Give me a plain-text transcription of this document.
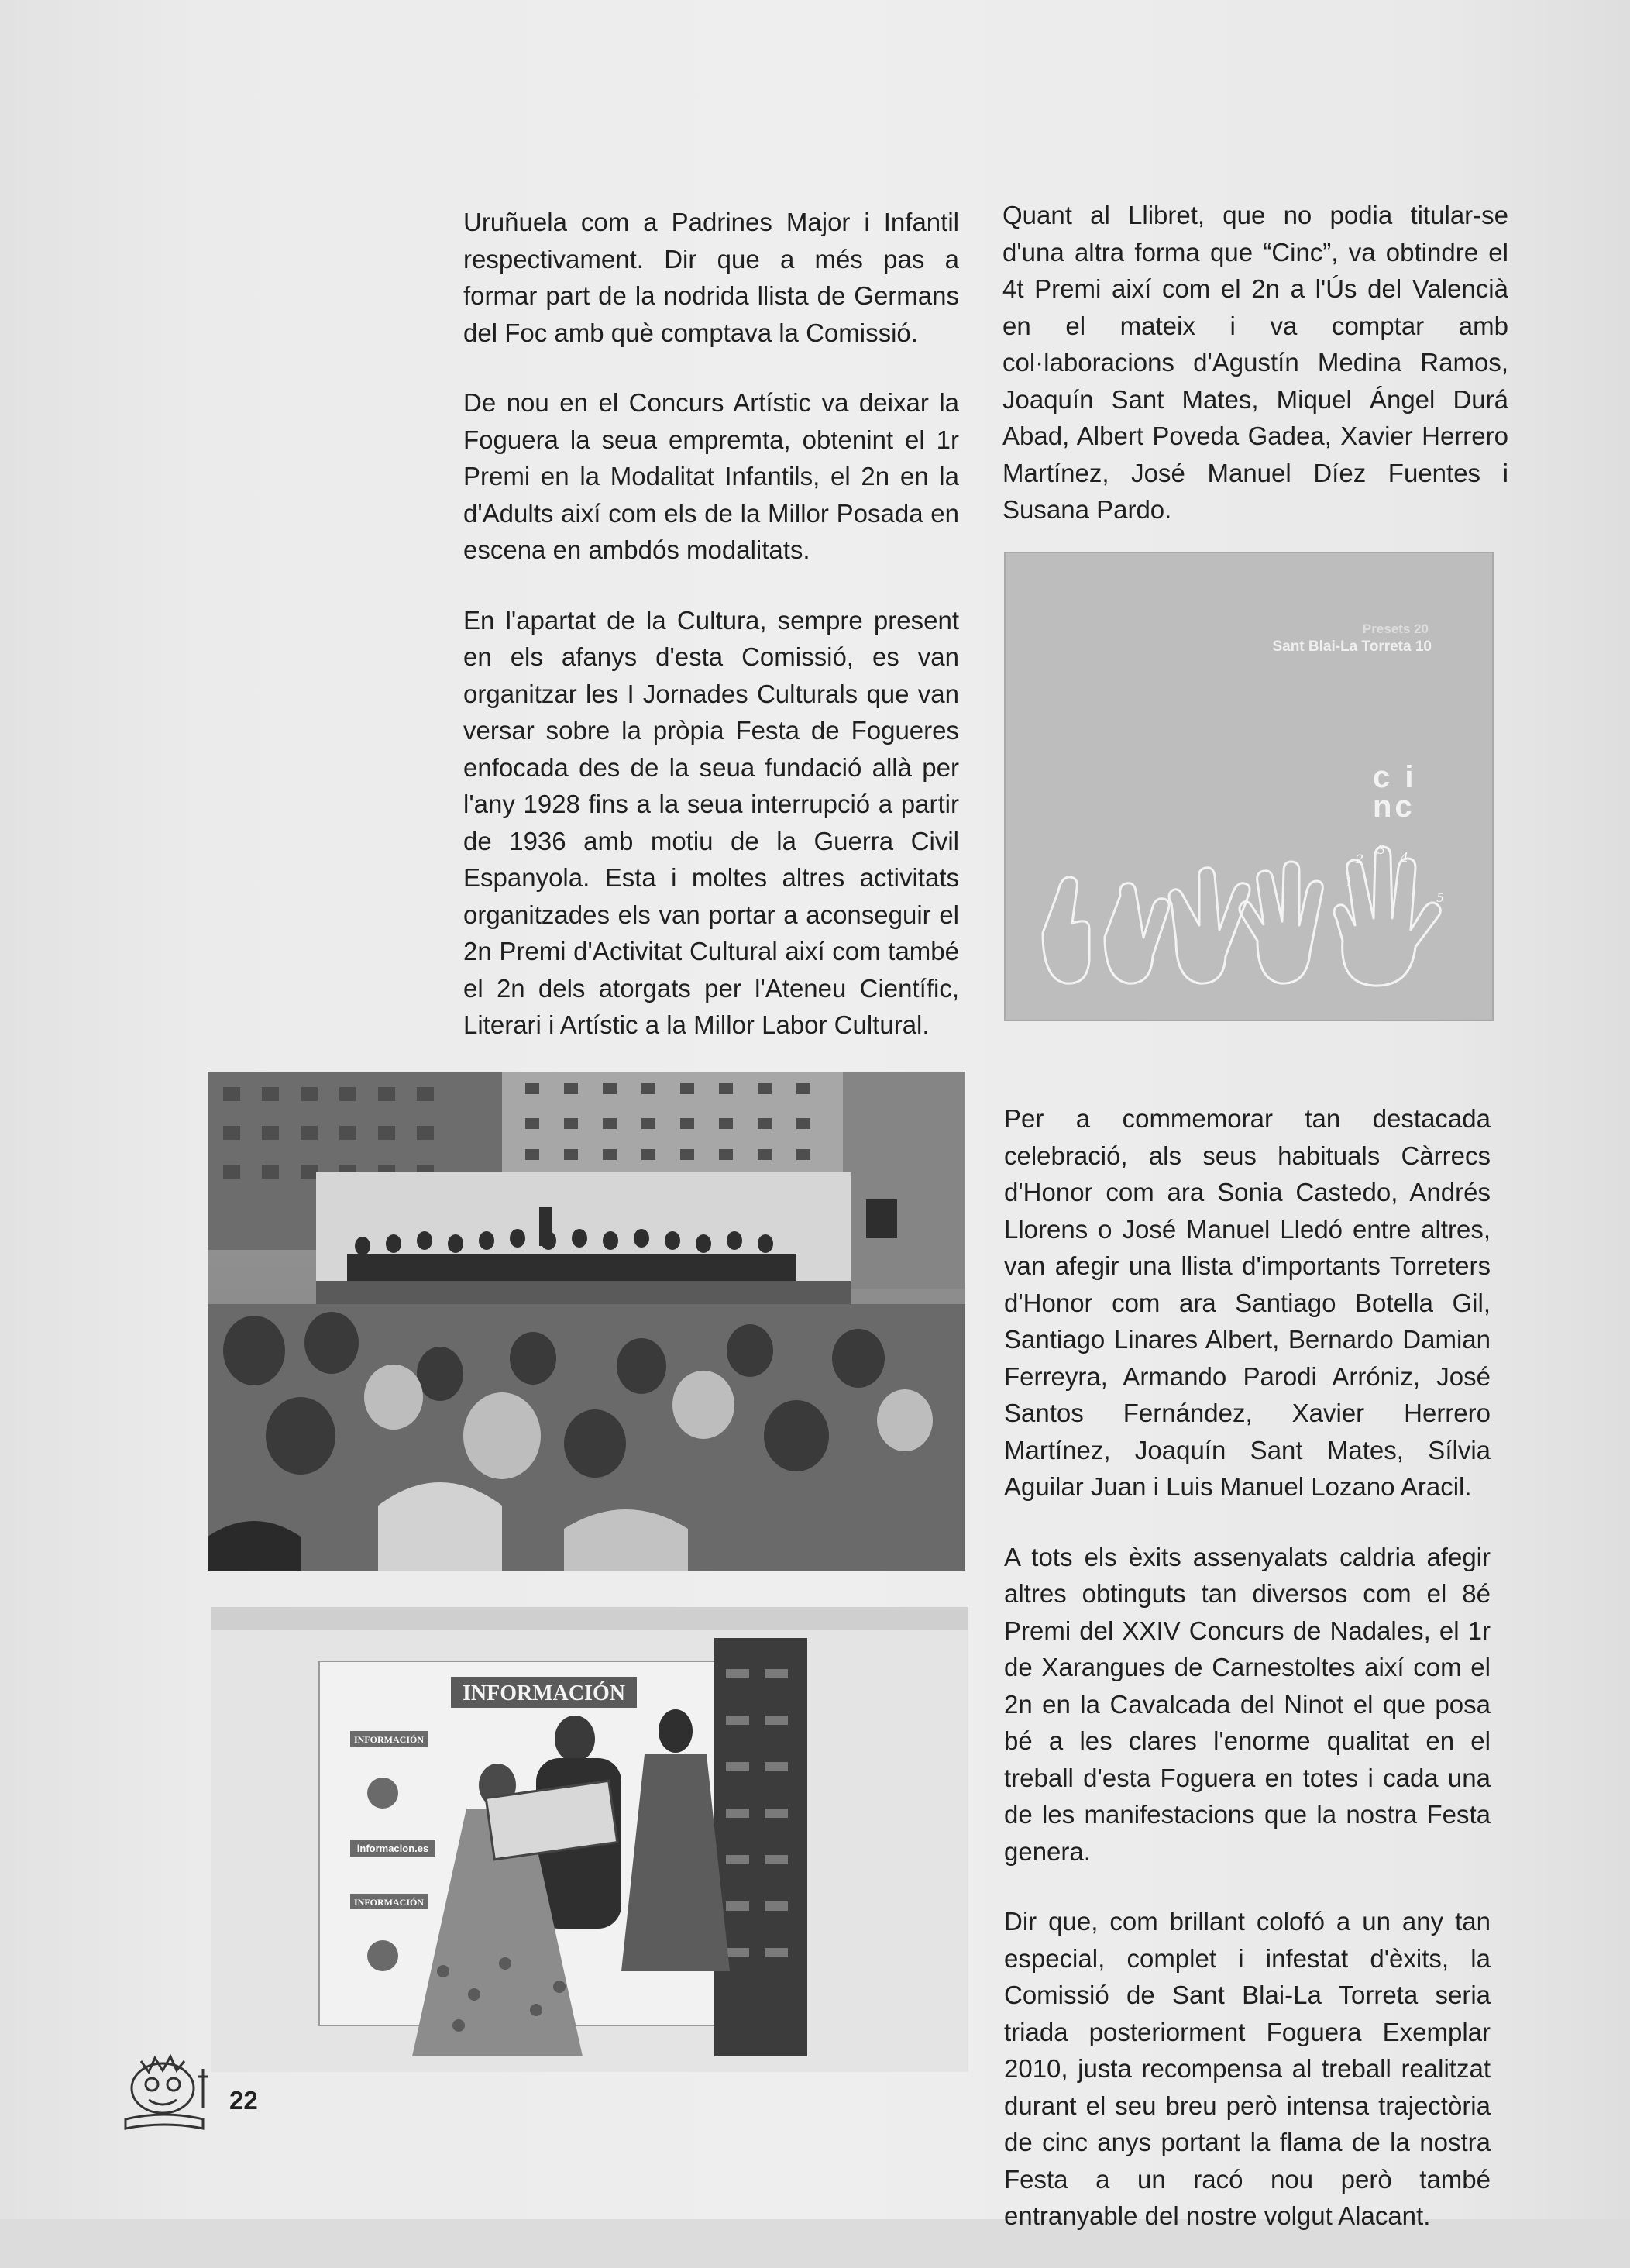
Uruñuela com a Padrines Major i Infantil respectivament. Dir que a més pas a formar part de la nodrida llista de Germans del Foc amb què comptava la Comissió.

De nou en el Concurs Artístic va deixar la Foguera la seua empremta, obtenint el 1r Premi en la Modalitat Infantils, el 2n en la d'Adults així com els de la Millor Posada en escena en ambdós modalitats.

En l'apartat de la Cultura, sempre present en els afanys d'esta Comissió, es van organitzar les I Jornades Culturals que van versar sobre la pròpia Festa de Fogueres enfocada des de la seua fundació allà per l'any 1928 fins a la seua interrupció a partir de 1936 amb motiu de la Guerra Civil Espanyola. Esta i moltes altres activitats organitzades els van portar a aconseguir el 2n Premi d'Activitat Cultural així com també el 2n dels atorgats per l'Ateneu Científic, Literari i Artístic a la Millor Labor Cultural.

Quant al Llibret, que no podia titular-se d'una altra forma que “Cinc”, va obtindre el 4t Premi així com el 2n a l'Ús del Valencià en el mateix i va comptar amb col·laboracions d'Agustín Medina Ramos, Joaquín Sant Mates, Miquel Ángel Durá Abad, Albert Poveda Gadea, Xavier Herrero Martínez, José Manuel Díez Fuentes i Susana Pardo.

Presets 20
Sant Blai-La Torreta 10
c i
nc
1
2
3
4
5
INFORMACIÓN
INFORMACIÓN
informacion.es
INFORMACIÓN

Per a commemorar tan destacada celebració, als seus habituals Càrrecs d'Honor com ara Sonia Castedo, Andrés Llorens o José Manuel Lledó entre altres, van afegir una llista d'importants Torreters d'Honor com ara Santiago Botella Gil, Santiago Linares Albert, Bernardo Damian Ferreyra, Armando Parodi Arróniz, José Santos Fernández, Xavier Herrero Martínez, Joaquín Sant Mates, Sílvia Aguilar Juan i Luis Manuel Lozano Aracil.

A tots els èxits assenyalats caldria afegir altres obtinguts tan diversos com el 8é Premi del XXIV Concurs de Nadales, el 1r de Xarangues de Carnestoltes així com el 2n en la Cavalcada del Ninot el que posa bé a les clares l'enorme qualitat en el treball d'esta Foguera en totes i cada una de les manifestacions que la nostra Festa genera.

Dir que, com brillant colofó a un any tan especial, complet i infestat d'èxits, la Comissió de Sant Blai-La Torreta seria triada posteriorment Foguera Exemplar 2010, justa recompensa al treball realitzat durant el seu breu però intensa trajectòria de cinc anys portant la flama de la nostra Festa a un racó nou però també entranyable del nostre volgut Alacant.

22
